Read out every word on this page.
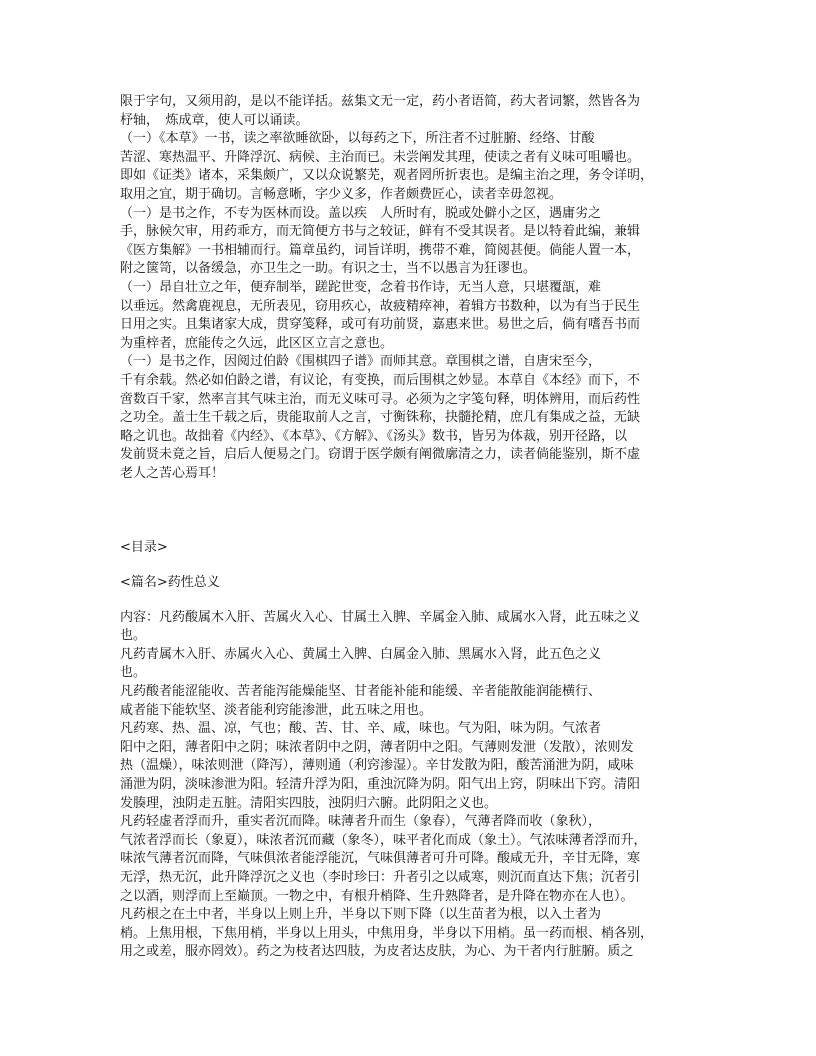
限于字句，又须用韵，是以不能详括。兹集文无一定，药小者语简，药大者词繁，然皆各为
杼轴，　炼成章，使人可以诵读。
（一）《本草》一书，读之率欲睡欲卧，以每药之下，所注者不过脏腑、经络、甘酸
苦涩、寒热温平、升降浮沉、病候、主治而已。未尝阐发其理，使读之者有义味可咀嚼也。
即如《证类》诸本，采集颇广，又以众说繁芜，观者罔所折衷也。是编主治之理，务令详明，
取用之宜，期于确切。言畅意晰，字少义多，作者颇费匠心，读者幸毋忽视。
（一）是书之作，不专为医林而设。盖以疾　人所时有，脱或处僻小之区，遇庸劣之
手，脉候欠审，用药乖方，而无简便方书与之较证，鲜有不受其误者。是以特着此编，兼辑
《医方集解》一书相辅而行。篇章虽约，词旨详明，携带不难，简阅甚便。倘能人置一本，
附之箧笥，以备缓急，亦卫生之一助。有识之士，当不以愚言为狂谬也。
（一）昂自壮立之年，便弃制举，蹉跎世变，念着书作诗，无当人意，只堪覆瓿，难
以垂远。然禽鹿视息，无所表见，窃用疚心，故疲精瘁神，着辑方书数种，以为有当于民生
日用之实。且集诸家大成，贯穿笺释，或可有功前贤，嘉惠来世。易世之后，倘有嗜吾书而
为重梓者，庶能传之久远，此区区立言之意也。
（一）是书之作，因阅过伯龄《围棋四子谱》而师其意。章围棋之谱，自唐宋至今，
千有余载。然必如伯龄之谱，有议论，有变换，而后围棋之妙显。本草自《本经》而下，不
啻数百千家，然率言其气味主治，而无义味可寻。必须为之字笺句释，明体辨用，而后药性
之功全。盖士生千载之后，贵能取前人之言，寸衡铢称，抉髓抡精，庶几有集成之益，无缺
略之讥也。故拙着《内经》、《本草》、《方解》、《汤头》数书，皆另为体裁，别开径路，以
发前贤未竟之旨，启后人便易之门。窃谓于医学颇有阐微廓清之力，读者倘能鉴别，斯不虚
老人之苦心焉耳！
<目录>
<篇名>药性总义
内容：凡药酸属木入肝、苦属火入心、甘属土入脾、辛属金入肺、咸属水入肾，此五味之义
也。
凡药青属木入肝、赤属火入心、黄属土入脾、白属金入肺、黑属水入肾，此五色之义
也。
凡药酸者能涩能收、苦者能泻能燥能坚、甘者能补能和能缓、辛者能散能润能横行、
咸者能下能软坚、淡者能利窍能渗泄，此五味之用也。
凡药寒、热、温、凉，气也；酸、苦、甘、辛、咸，味也。气为阳，味为阴。气浓者
阳中之阳，薄者阳中之阴；味浓者阴中之阴，薄者阴中之阳。气薄则发泄（发散），浓则发
热（温燥），味浓则泄（降泻），薄则通（利窍渗湿）。辛甘发散为阳，酸苦涌泄为阴，咸味
涌泄为阴，淡味渗泄为阳。轻清升浮为阳，重浊沉降为阴。阳气出上窍，阴味出下窍。清阳
发腠理，浊阴走五脏。清阳实四肢，浊阴归六腑。此阴阳之义也。
凡药轻虚者浮而升，重实者沉而降。味薄者升而生（象春），气薄者降而收（象秋），
气浓者浮而长（象夏），味浓者沉而藏（象冬），味平者化而成（象土）。气浓味薄者浮而升，
味浓气薄者沉而降，气味俱浓者能浮能沉，气味俱薄者可升可降。酸咸无升，辛甘无降，寒
无浮，热无沉，此升降浮沉之义也（李时珍曰：升者引之以咸寒，则沉而直达下焦；沉者引
之以酒，则浮而上至巅顶。一物之中，有根升梢降、生升熟降者，是升降在物亦在人也）。
凡药根之在土中者，半身以上则上升，半身以下则下降（以生苗者为根，以入土者为
梢。上焦用根，下焦用梢，半身以上用头，中焦用身，半身以下用梢。虽一药而根、梢各别，
用之或差，服亦罔效）。药之为枝者达四肢，为皮者达皮肤，为心、为干者内行脏腑。质之
